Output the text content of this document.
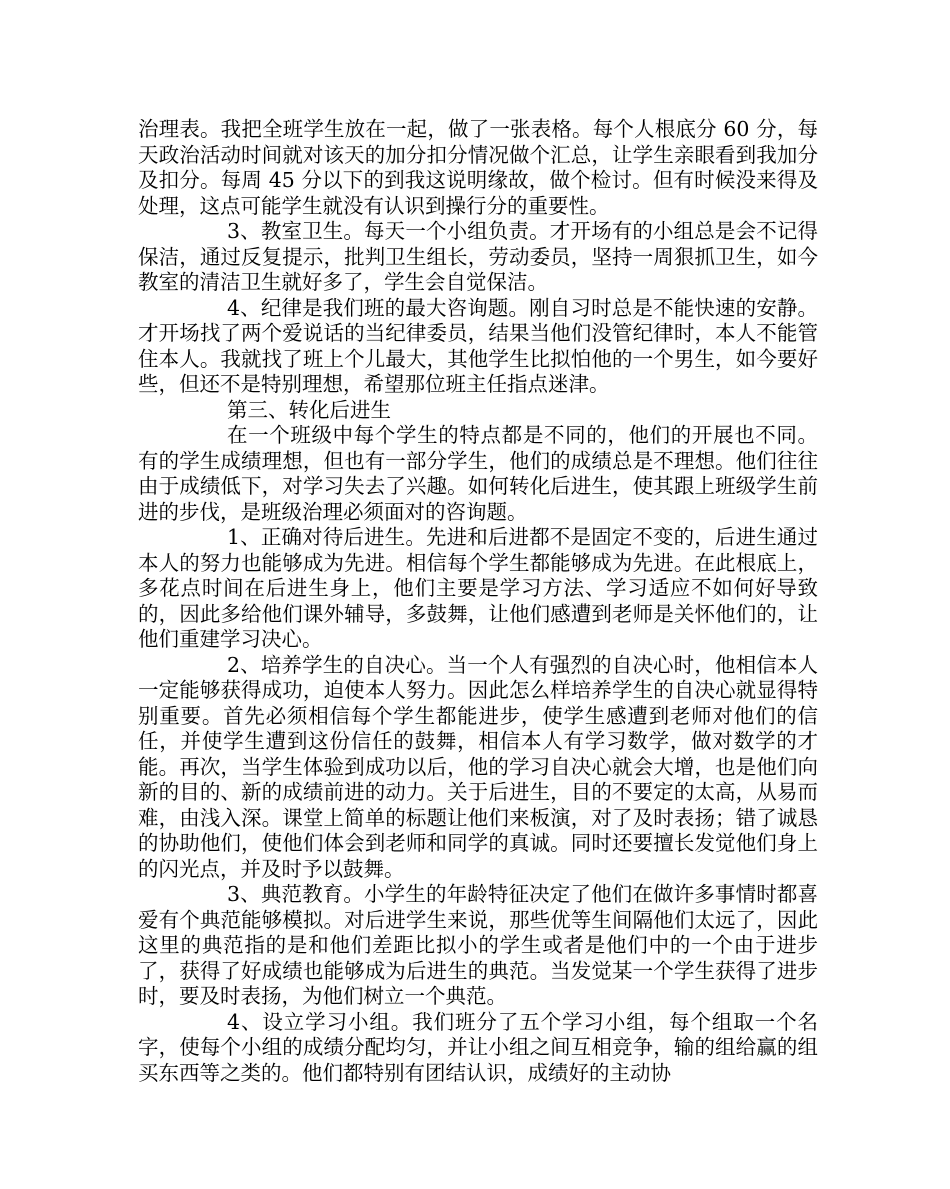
治理表。我把全班学生放在一起，做了一张表格。每个人根底分 60 分，每天政治活动时间就对该天的加分扣分情况做个汇总，让学生亲眼看到我加分及扣分。每周 45 分以下的到我这说明缘故，做个检讨。但有时候没来得及处理，这点可能学生就没有认识到操行分的重要性。

3、教室卫生。每天一个小组负责。才开场有的小组总是会不记得保洁，通过反复提示，批判卫生组长，劳动委员，坚持一周狠抓卫生，如今教室的清洁卫生就好多了，学生会自觉保洁。

4、纪律是我们班的最大咨询题。刚自习时总是不能快速的安静。才开场找了两个爱说话的当纪律委员，结果当他们没管纪律时，本人不能管住本人。我就找了班上个儿最大，其他学生比拟怕他的一个男生，如今要好些，但还不是特别理想，希望那位班主任指点迷津。

第三、转化后进生

在一个班级中每个学生的特点都是不同的，他们的开展也不同。有的学生成绩理想，但也有一部分学生，他们的成绩总是不理想。他们往往由于成绩低下，对学习失去了兴趣。如何转化后进生，使其跟上班级学生前进的步伐，是班级治理必须面对的咨询题。

1、正确对待后进生。先进和后进都不是固定不变的，后进生通过本人的努力也能够成为先进。相信每个学生都能够成为先进。在此根底上，多花点时间在后进生身上，他们主要是学习方法、学习适应不如何好导致的，因此多给他们课外辅导，多鼓舞，让他们感遭到老师是关怀他们的，让他们重建学习决心。

2、培养学生的自决心。当一个人有强烈的自决心时，他相信本人一定能够获得成功，迫使本人努力。因此怎么样培养学生的自决心就显得特别重要。首先必须相信每个学生都能进步，使学生感遭到老师对他们的信任，并使学生遭到这份信任的鼓舞，相信本人有学习数学，做对数学的才能。再次，当学生体验到成功以后，他的学习自决心就会大增，也是他们向新的目的、新的成绩前进的动力。关于后进生，目的不要定的太高，从易而难，由浅入深。课堂上简单的标题让他们来板演，对了及时表扬；错了诚恳的协助他们，使他们体会到老师和同学的真诚。同时还要擅长发觉他们身上的闪光点，并及时予以鼓舞。

3、典范教育。小学生的年龄特征决定了他们在做许多事情时都喜爱有个典范能够模拟。对后进学生来说，那些优等生间隔他们太远了，因此这里的典范指的是和他们差距比拟小的学生或者是他们中的一个由于进步了，获得了好成绩也能够成为后进生的典范。当发觉某一个学生获得了进步时，要及时表扬，为他们树立一个典范。

4、设立学习小组。我们班分了五个学习小组，每个组取一个名字，使每个小组的成绩分配均匀，并让小组之间互相竞争，输的组给赢的组买东西等之类的。他们都特别有团结认识，成绩好的主动协
